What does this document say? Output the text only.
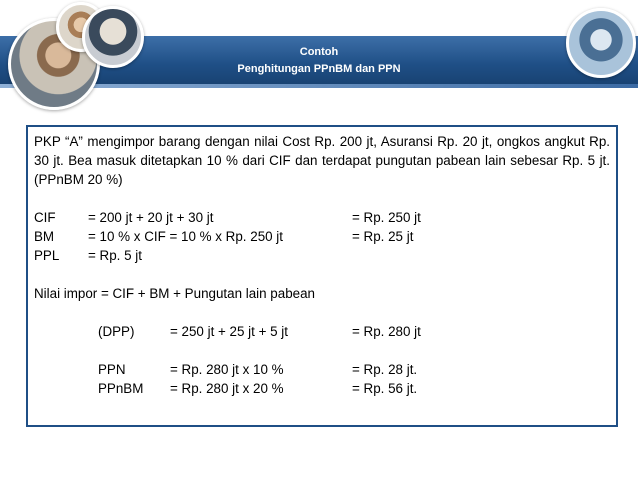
Contoh
Penghitungan PPnBM dan PPN

PKP “A” mengimpor barang dengan nilai Cost Rp. 200 jt, Asuransi Rp. 20 jt, ongkos angkut Rp. 30 jt. Bea masuk ditetapkan 10 % dari CIF dan terdapat pungutan pabean lain sebesar Rp. 5 jt. (PPnBM 20 %)

CIF = 200 jt + 20 jt + 30 jt	= Rp. 250 jt
BM	= 10 % x CIF = 10 % x Rp. 250 jt	= Rp. 25 jt
PPL = Rp. 5 jt
Nilai impor = CIF + BM + Pungutan lain pabean
(DPP)	= 250 jt + 25 jt + 5 jt	= Rp. 280 jt
PPN	= Rp. 280 jt x 10 %	= Rp. 28 jt.
PPnBM = Rp. 280 jt x 20 %	= Rp. 56 jt.
